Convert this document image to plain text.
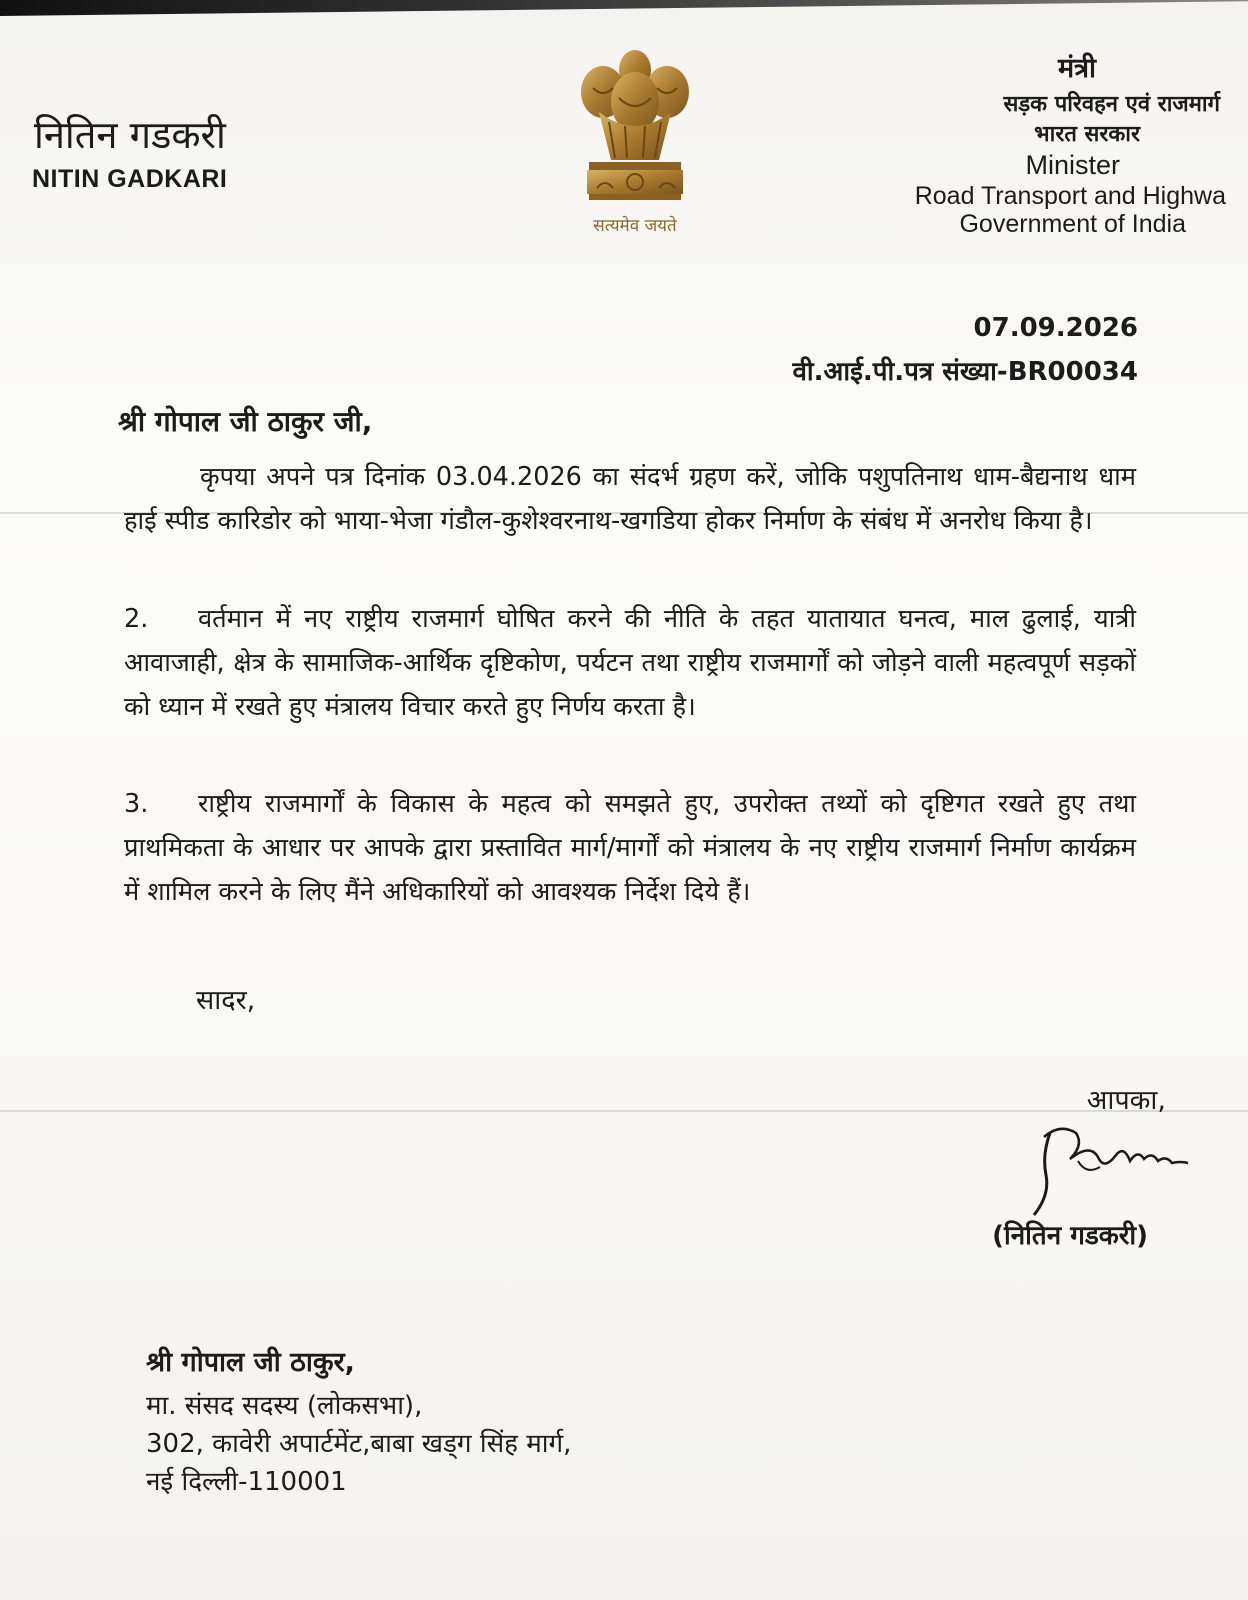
नितिन गडकरी
NITIN GADKARI
सत्यमेव जयते
मंत्री
सड़क परिवहन एवं राजमार्ग
भारत सरकार
Minister
Road Transport and Highwa
Government of India
07.09.2026
वी.आई.पी.पत्र संख्या-BR00034
श्री गोपाल जी ठाकुर जी,
कृपया अपने पत्र दिनांक 03.04.2026 का संदर्भ ग्रहण करें, जोकि पशुपतिनाथ धाम-बैद्यनाथ धाम हाई स्पीड कारिडोर को भाया-भेजा गंडौल-कुशेश्वरनाथ-खगडिया होकर निर्माण के संबंध में अनरोध किया है।
2. वर्तमान में नए राष्ट्रीय राजमार्ग घोषित करने की नीति के तहत यातायात घनत्व, माल ढुलाई, यात्री आवाजाही, क्षेत्र के सामाजिक-आर्थिक दृष्टिकोण, पर्यटन तथा राष्ट्रीय राजमार्गों को जोड़ने वाली महत्वपूर्ण सड़कों को ध्यान में रखते हुए मंत्रालय विचार करते हुए निर्णय करता है।
3. राष्ट्रीय राजमार्गों के विकास के महत्व को समझते हुए, उपरोक्त तथ्यों को दृष्टिगत रखते हुए तथा प्राथमिकता के आधार पर आपके द्वारा प्रस्तावित मार्ग/मार्गों को मंत्रालय के नए राष्ट्रीय राजमार्ग निर्माण कार्यक्रम में शामिल करने के लिए मैंने अधिकारियों को आवश्यक निर्देश दिये हैं।
सादर,
आपका,
(नितिन गडकरी)
श्री गोपाल जी ठाकुर,
मा. संसद सदस्य (लोकसभा),
302, कावेरी अपार्टमेंट,बाबा खड्ग सिंह मार्ग,
नई दिल्ली-110001
